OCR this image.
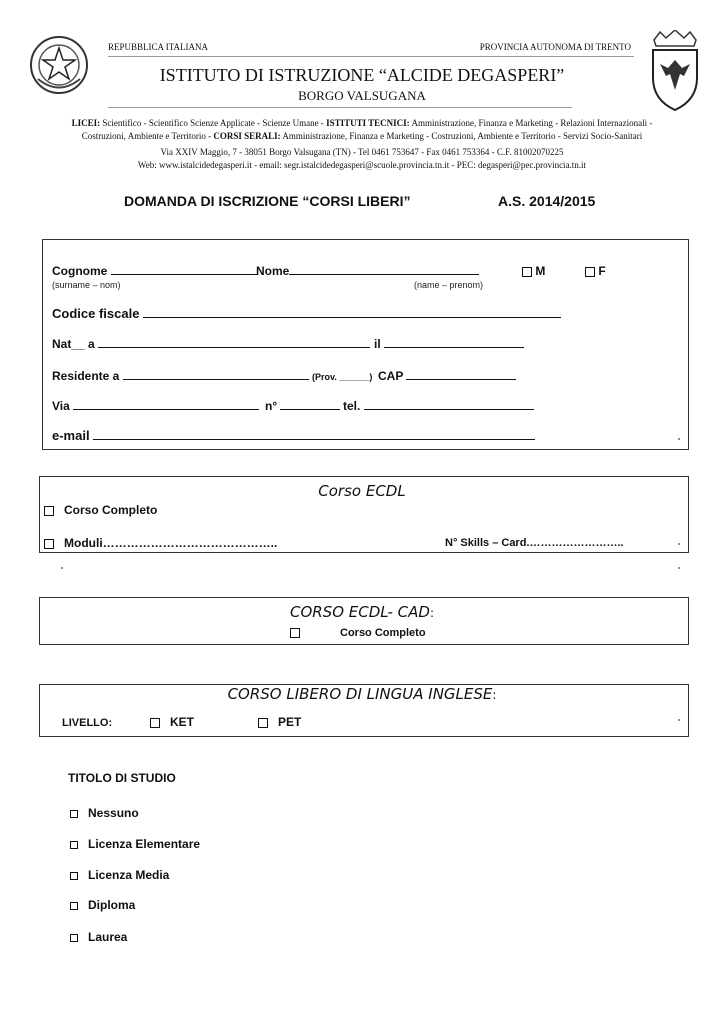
REPUBBLICA ITALIANA	PROVINCIA AUTONOMA DI TRENTO
ISTITUTO DI ISTRUZIONE “ALCIDE DEGASPERI”
BORGO VALSUGANA
LICEI: Scientifico - Scientifico Scienze Applicate - Scienze Umane - ISTITUTI TECNICI: Amministrazione, Finanza e Marketing - Relazioni Internazionali -
Costruzioni, Ambiente e Territorio - CORSI SERALI: Amministrazione, Finanza e Marketing - Costruzioni, Ambiente e Territorio - Servizi Socio-Sanitari
Via XXIV Maggio, 7 - 38051 Borgo Valsugana (TN) - Tel 0461 753647 - Fax 0461 753364 - C.F. 81002070225
Web: www.istalcidedegasperi.it - email: segr.istalcidedegasperi@scuole.provincia.tn.it - PEC: degasperi@pec.provincia.tn.it
DOMANDA DI ISCRIZIONE “CORSI LIBERI”	A.S. 2014/2015
Cognome	Nome	M	F
(surname – nom)	(name – prenom)
Codice fiscale
Nat__ a	il
Residente a	(Prov. ______) CAP
Via	n°	tel.
e-mail
Corso ECDL
Corso Completo
Moduli……………………………………..	N° Skills – Card.……………………..
CORSO ECDL- CAD:
Corso Completo
CORSO LIBERO DI LINGUA INGLESE:
LIVELLO:	KET	PET
TITOLO DI STUDIO
Nessuno
Licenza Elementare
Licenza Media
Diploma
Laurea
